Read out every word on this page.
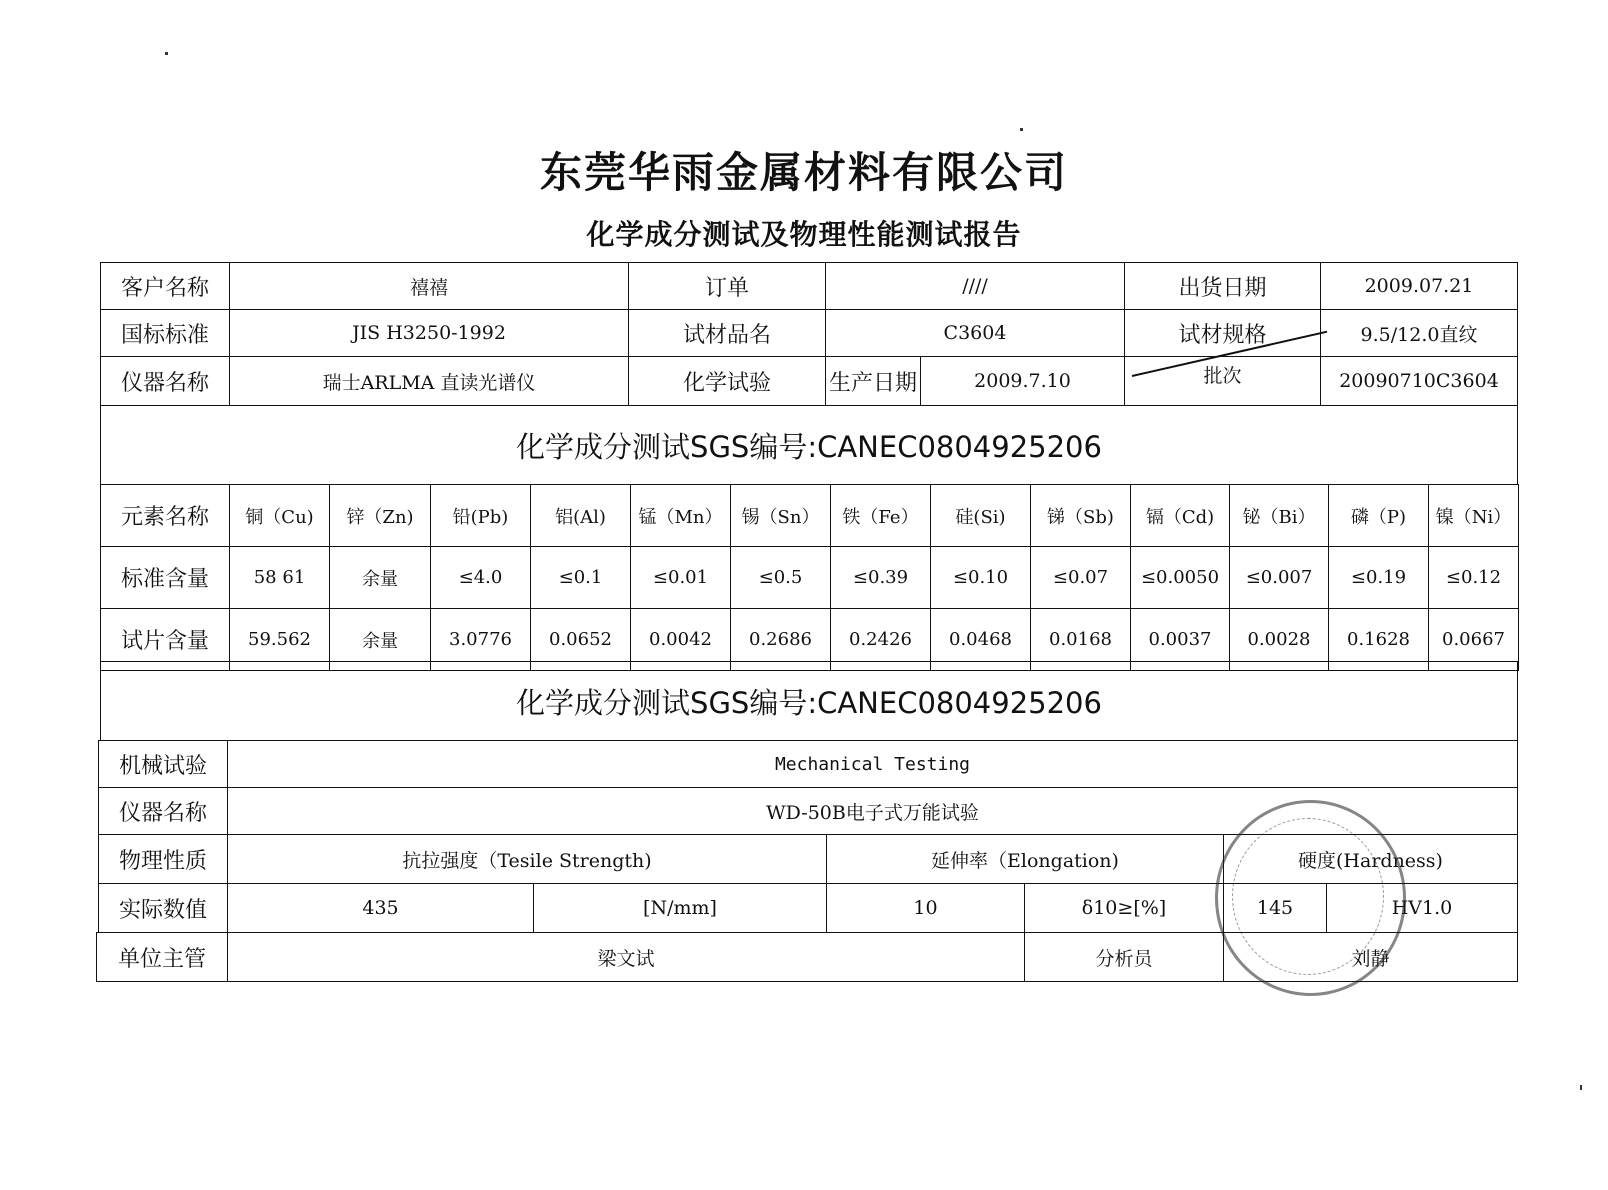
东莞华雨金属材料有限公司
化学成分测试及物理性能测试报告
客户名称	禧禧	订单	////	出货日期	2009.07.21
国标标准	JIS H3250-1992	试材品名	C3604	试材规格	9.5/12.0直纹
仪器名称	瑞士ARLMA 直读光谱仪	化学试验	生产日期	2009.7.10	批次	20090710C3604
化学成分测试SGS编号:CANEC0804925206
元素名称	铜（Cu)	锌（Zn)	铅(Pb)	铝(Al)	锰（Mn）	锡（Sn）	铁（Fe）	硅(Si)	锑（Sb)	镉（Cd)	铋（Bi）	磷（P)	镍（Ni）
标准含量	58 61	余量	≤4.0	≤0.1	≤0.01	≤0.5	≤0.39	≤0.10	≤0.07	≤0.0050	≤0.007	≤0.19	≤0.12
试片含量	59.562	余量	3.0776	0.0652	0.0042	0.2686	0.2426	0.0468	0.0168	0.0037	0.0028	0.1628	0.0667
化学成分测试SGS编号:CANEC0804925206
机械试验	Mechanical Testing
仪器名称	WD-50B电子式万能试验
物理性质	抗拉强度（Tesile Strength)	延伸率（Elongation)	硬度(Hardness)
实际数值	435	[N/mm]	10	δ10≥[%]	145	HV1.0
单位主管	梁文试	分析员	刘静
